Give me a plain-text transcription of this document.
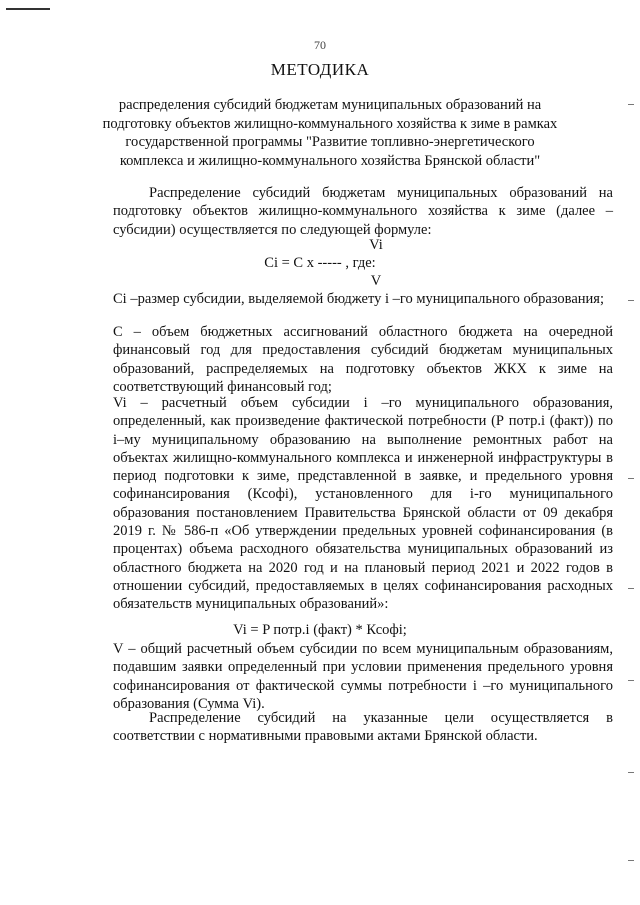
70
МЕТОДИКА
распределения субсидий бюджетам муниципальных образований на подготовку объектов жилищно-коммунального хозяйства к зиме в рамках государственной программы "Развитие топливно-энергетического комплекса и жилищно-коммунального хозяйства Брянской области"
Распределение субсидий бюджетам муниципальных образований на подготовку объектов жилищно-коммунального хозяйства к зиме (далее – субсидии) осуществляется по следующей формуле:
Vi
Ci = C x ----- , где:
V
Ci –размер субсидии, выделяемой бюджету i –го муниципального образования;
C – объем бюджетных ассигнований областного бюджета на очередной финансовый год для предоставления субсидий бюджетам муниципальных образований, распределяемых на подготовку объектов ЖКХ к зиме на соответствующий финансовый год;
Vi – расчетный объем субсидии i –го муниципального образования, определенный, как произведение фактической потребности (Р потр.i (факт)) по i–му муниципальному образованию на выполнение ремонтных работ на объектах жилищно-коммунального комплекса и инженерной инфраструктуры в период подготовки к зиме, представленной в заявке, и предельного уровня софинансирования (Ксофi), установленного для i-го муниципального образования постановлением Правительства Брянской области от 09 декабря 2019 г. № 586-п «Об утверждении предельных уровней софинансирования (в процентах) объема расходного обязательства муниципальных образований из областного бюджета на 2020 год и на плановый период 2021 и 2022 годов в отношении субсидий, предоставляемых в целях софинансирования расходных обязательств муниципальных образований»:
Vi = P потр.i (факт) * Ксофi;
V – общий расчетный объем субсидии по всем муниципальным образованиям, подавшим заявки определенный при условии применения предельного уровня софинансирования от фактической суммы потребности i –го муниципального образования (Сумма Vi).
Распределение субсидий на указанные цели осуществляется в соответствии с нормативными правовыми актами Брянской области.
